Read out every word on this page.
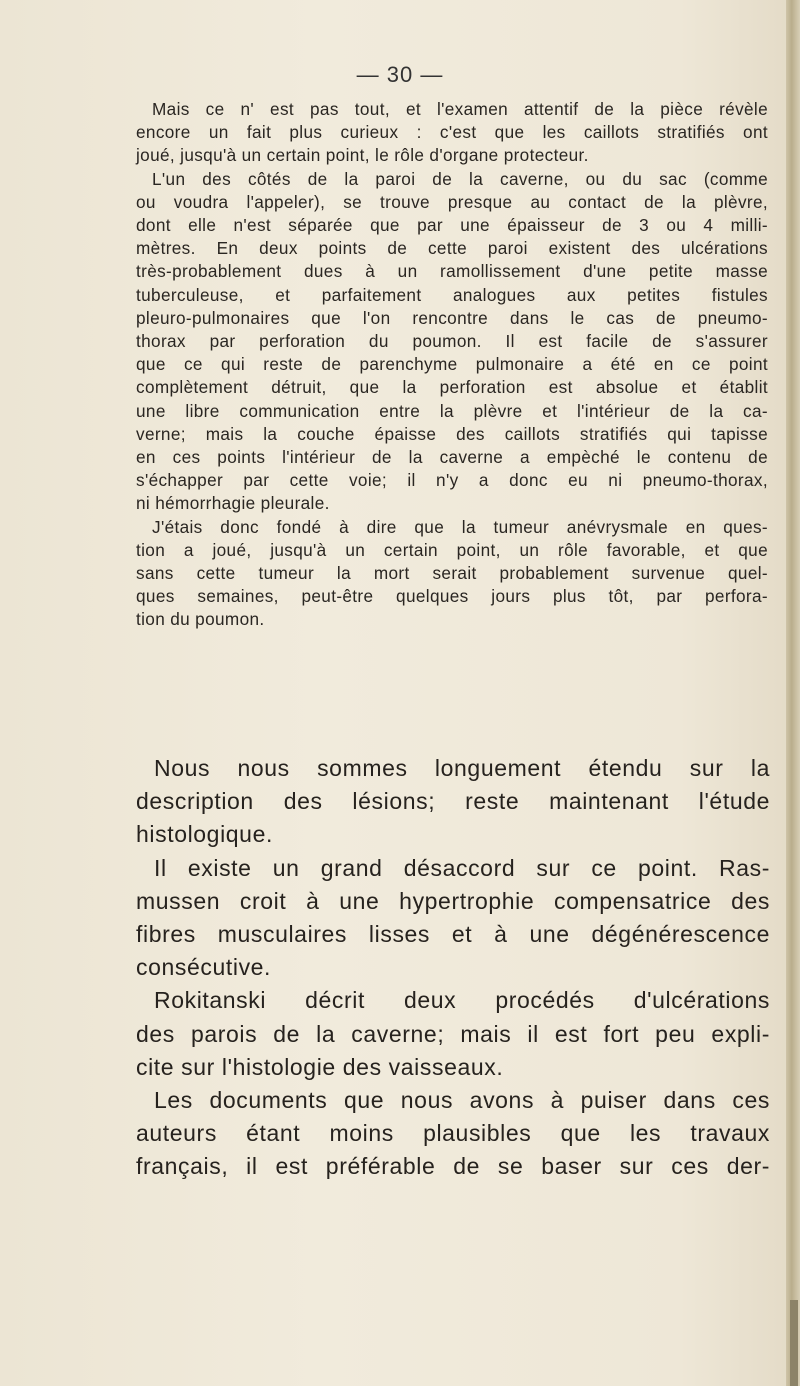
— 30 —

Mais ce n' est pas tout, et l'examen attentif de la pièce révèle
encore un fait plus curieux : c'est que les caillots stratifiés ont
joué, jusqu'à un certain point, le rôle d'organe protecteur.

L'un des côtés de la paroi de la caverne, ou du sac (comme
ou voudra l'appeler), se trouve presque au contact de la plèvre,
dont elle n'est séparée que par une épaisseur de 3 ou 4 milli-
mètres. En deux points de cette paroi existent des ulcérations
très-probablement dues à un ramollissement d'une petite masse
tuberculeuse, et parfaitement analogues aux petites fistules
pleuro-pulmonaires que l'on rencontre dans le cas de pneumo-
thorax par perforation du poumon. Il est facile de s'assurer
que ce qui reste de parenchyme pulmonaire a été en ce point
complètement détruit, que la perforation est absolue et établit
une libre communication entre la plèvre et l'intérieur de la ca-
verne; mais la couche épaisse des caillots stratifiés qui tapisse
en ces points l'intérieur de la caverne a empèché le contenu de
s'échapper par cette voie; il n'y a donc eu ni pneumo-thorax,
ni hémorrhagie pleurale.

J'étais donc fondé à dire que la tumeur anévrysmale en ques-
tion a joué, jusqu'à un certain point, un rôle favorable, et que
sans cette tumeur la mort serait probablement survenue quel-
ques semaines, peut-être quelques jours plus tôt, par perfora-
tion du poumon.

Nous nous sommes longuement étendu sur la
description des lésions; reste maintenant l'étude
histologique.

Il existe un grand désaccord sur ce point. Ras-
mussen croit à une hypertrophie compensatrice des
fibres musculaires lisses et à une dégénérescence
consécutive.

Rokitanski décrit deux procédés d'ulcérations
des parois de la caverne; mais il est fort peu expli-
cite sur l'histologie des vaisseaux.

Les documents que nous avons à puiser dans ces
auteurs étant moins plausibles que les travaux
français, il est préférable de se baser sur ces der-
